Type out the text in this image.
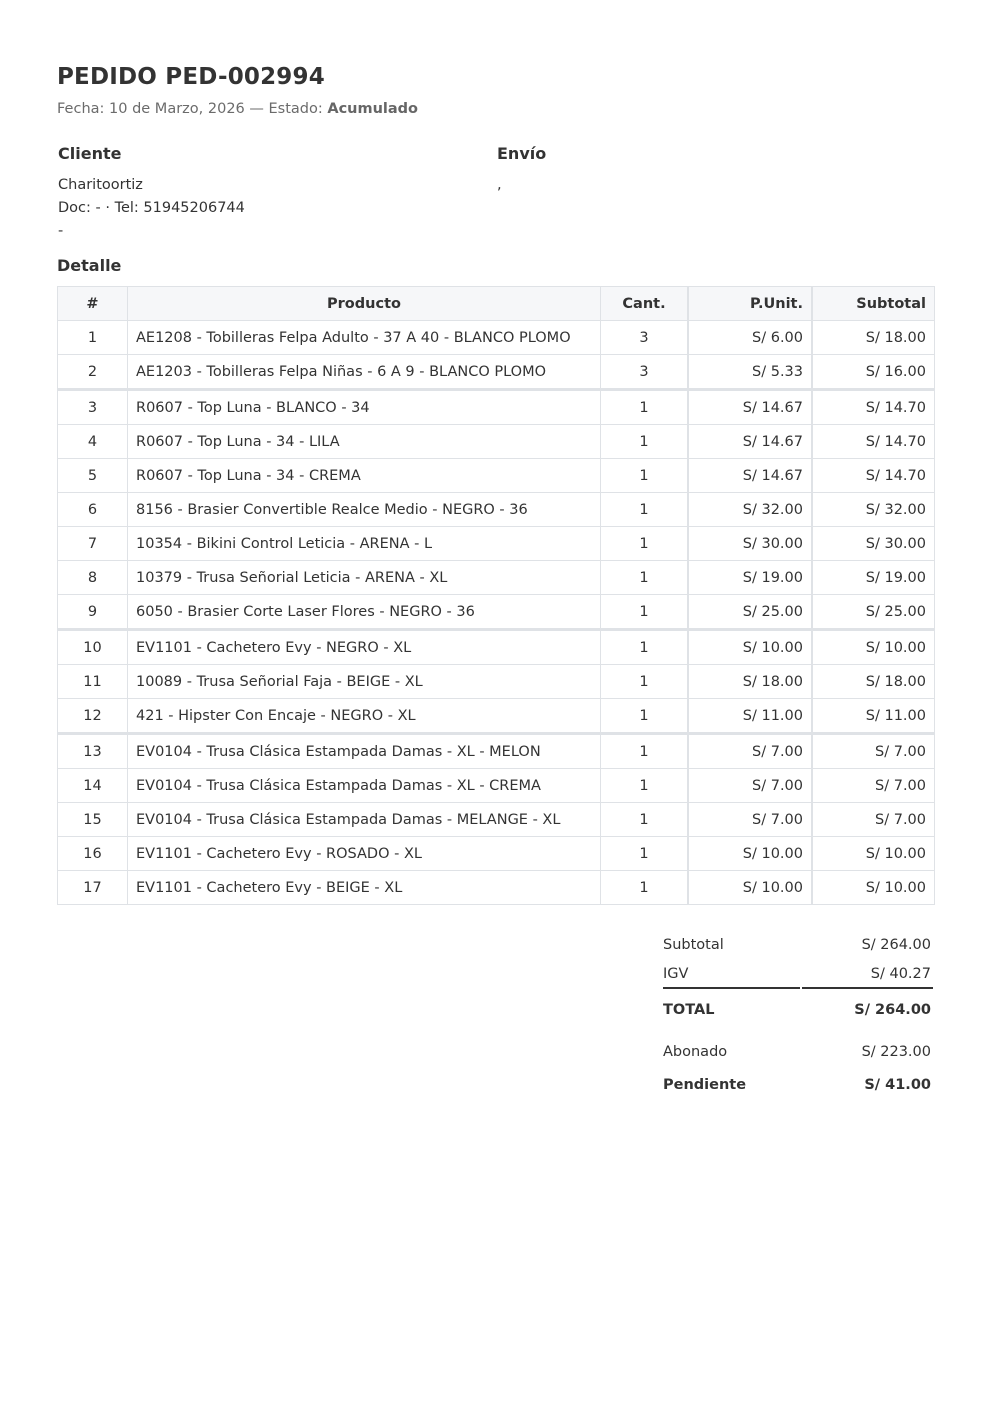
PEDIDO PED-002994
Fecha: 10 de Marzo, 2026 — Estado: Acumulado
Cliente
Charitoortiz
Doc: - · Tel: 51945206744
-
Envío
,
Detalle
#	Producto	Cant.	P.Unit.	Subtotal
1	AE1208 - Tobilleras Felpa Adulto - 37 A 40 - BLANCO PLOMO	3	S/ 6.00	S/ 18.00
2	AE1203 - Tobilleras Felpa Niñas - 6 A 9 - BLANCO PLOMO	3	S/ 5.33	S/ 16.00
3	R0607 - Top Luna - BLANCO - 34	1	S/ 14.67	S/ 14.70
4	R0607 - Top Luna - 34 - LILA	1	S/ 14.67	S/ 14.70
5	R0607 - Top Luna - 34 - CREMA	1	S/ 14.67	S/ 14.70
6	8156 - Brasier Convertible Realce Medio - NEGRO - 36	1	S/ 32.00	S/ 32.00
7	10354 - Bikini Control Leticia - ARENA - L	1	S/ 30.00	S/ 30.00
8	10379 - Trusa Señorial Leticia - ARENA - XL	1	S/ 19.00	S/ 19.00
9	6050 - Brasier Corte Laser Flores - NEGRO - 36	1	S/ 25.00	S/ 25.00
10	EV1101 - Cachetero Evy - NEGRO - XL	1	S/ 10.00	S/ 10.00
11	10089 - Trusa Señorial Faja - BEIGE - XL	1	S/ 18.00	S/ 18.00
12	421 - Hipster Con Encaje - NEGRO - XL	1	S/ 11.00	S/ 11.00
13	EV0104 - Trusa Clásica Estampada Damas - XL - MELON	1	S/ 7.00	S/ 7.00
14	EV0104 - Trusa Clásica Estampada Damas - XL - CREMA	1	S/ 7.00	S/ 7.00
15	EV0104 - Trusa Clásica Estampada Damas - MELANGE - XL	1	S/ 7.00	S/ 7.00
16	EV1101 - Cachetero Evy - ROSADO - XL	1	S/ 10.00	S/ 10.00
17	EV1101 - Cachetero Evy - BEIGE - XL	1	S/ 10.00	S/ 10.00
Subtotal	S/ 264.00
IGV	S/ 40.27
TOTAL	S/ 264.00
Abonado	S/ 223.00
Pendiente	S/ 41.00
